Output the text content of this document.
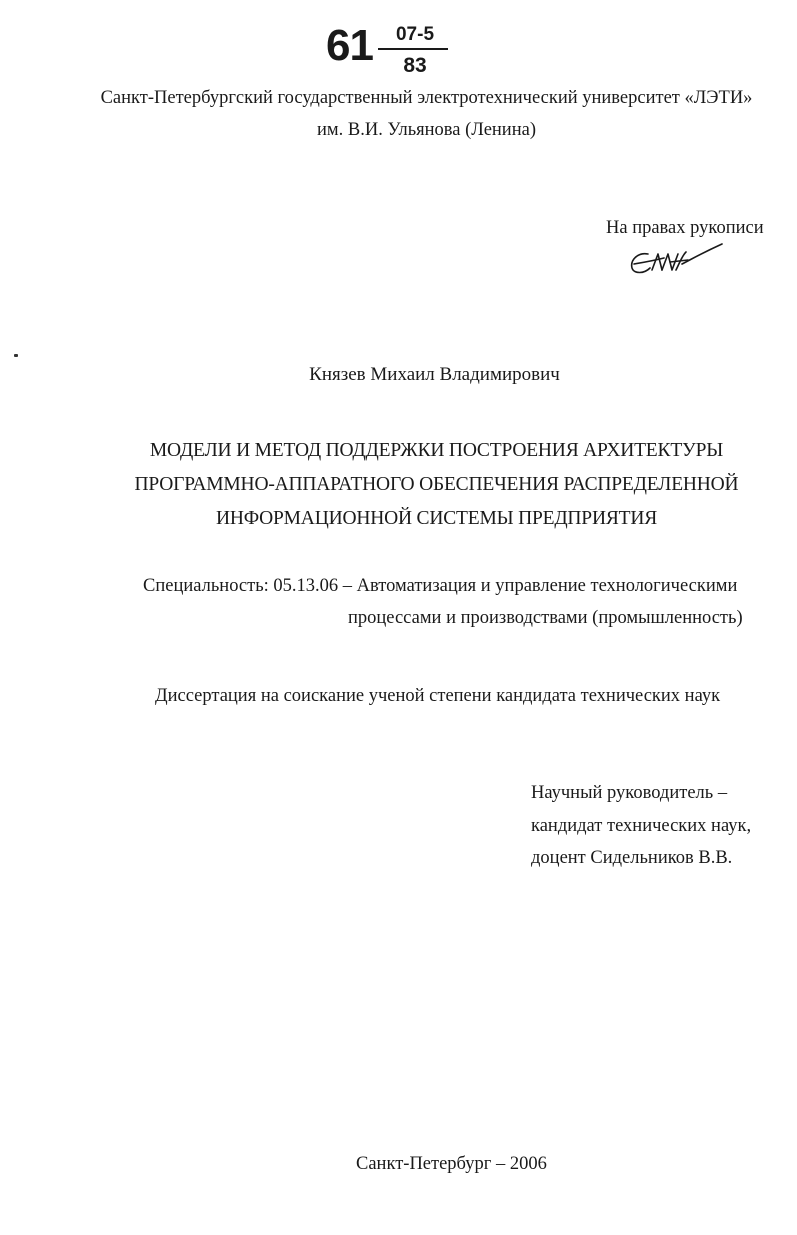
61	07-5
83
Санкт-Петербургский государственный электротехнический университет «ЛЭТИ»
им. В.И. Ульянова (Ленина)
На правах рукописи
Князев Михаил Владимирович
МОДЕЛИ И МЕТОД ПОДДЕРЖКИ ПОСТРОЕНИЯ АРХИТЕКТУРЫ
ПРОГРАММНО-АППАРАТНОГО ОБЕСПЕЧЕНИЯ РАСПРЕДЕЛЕННОЙ
ИНФОРМАЦИОННОЙ СИСТЕМЫ ПРЕДПРИЯТИЯ
Специальность: 05.13.06 – Автоматизация и управление технологическими
процессами и производствами (промышленность)
Диссертация на соискание ученой степени кандидата технических наук
Научный руководитель –
кандидат технических наук,
доцент Сидельников В.В.
Санкт-Петербург – 2006
